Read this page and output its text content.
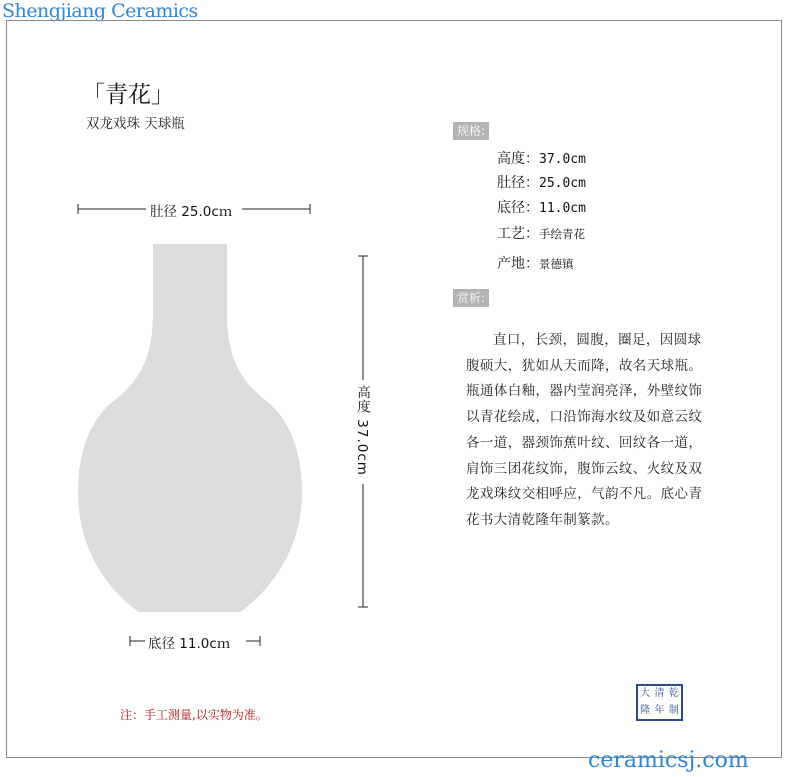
Shengjiang Ceramics
「青花」
双龙戏珠 天球瓶
肚径 25.0cｍ
高度 37.0cm
底径 11.0cｍ
规格:
高度：37.0cm
肚径：25.0cm
底径：11.0cm
工艺：手绘青花
产地：景德镇
赏析:
直口，长颈，圆腹，圈足，因圆球腹硕大，犹如从天而降，故名天球瓶。瓶通体白釉，器内莹润亮泽，外壁纹饰以青花绘成，口沿饰海水纹及如意云纹各一道，器颈饰蕉叶纹、回纹各一道，肩饰三团花纹饰，腹饰云纹、火纹及双龙戏珠纹交相呼应，气韵不凡。底心青花书大清乾隆年制篆款。
注：手工测量,以实物为准。
大 清 乾
隆 年 制
ceramicsj.com
